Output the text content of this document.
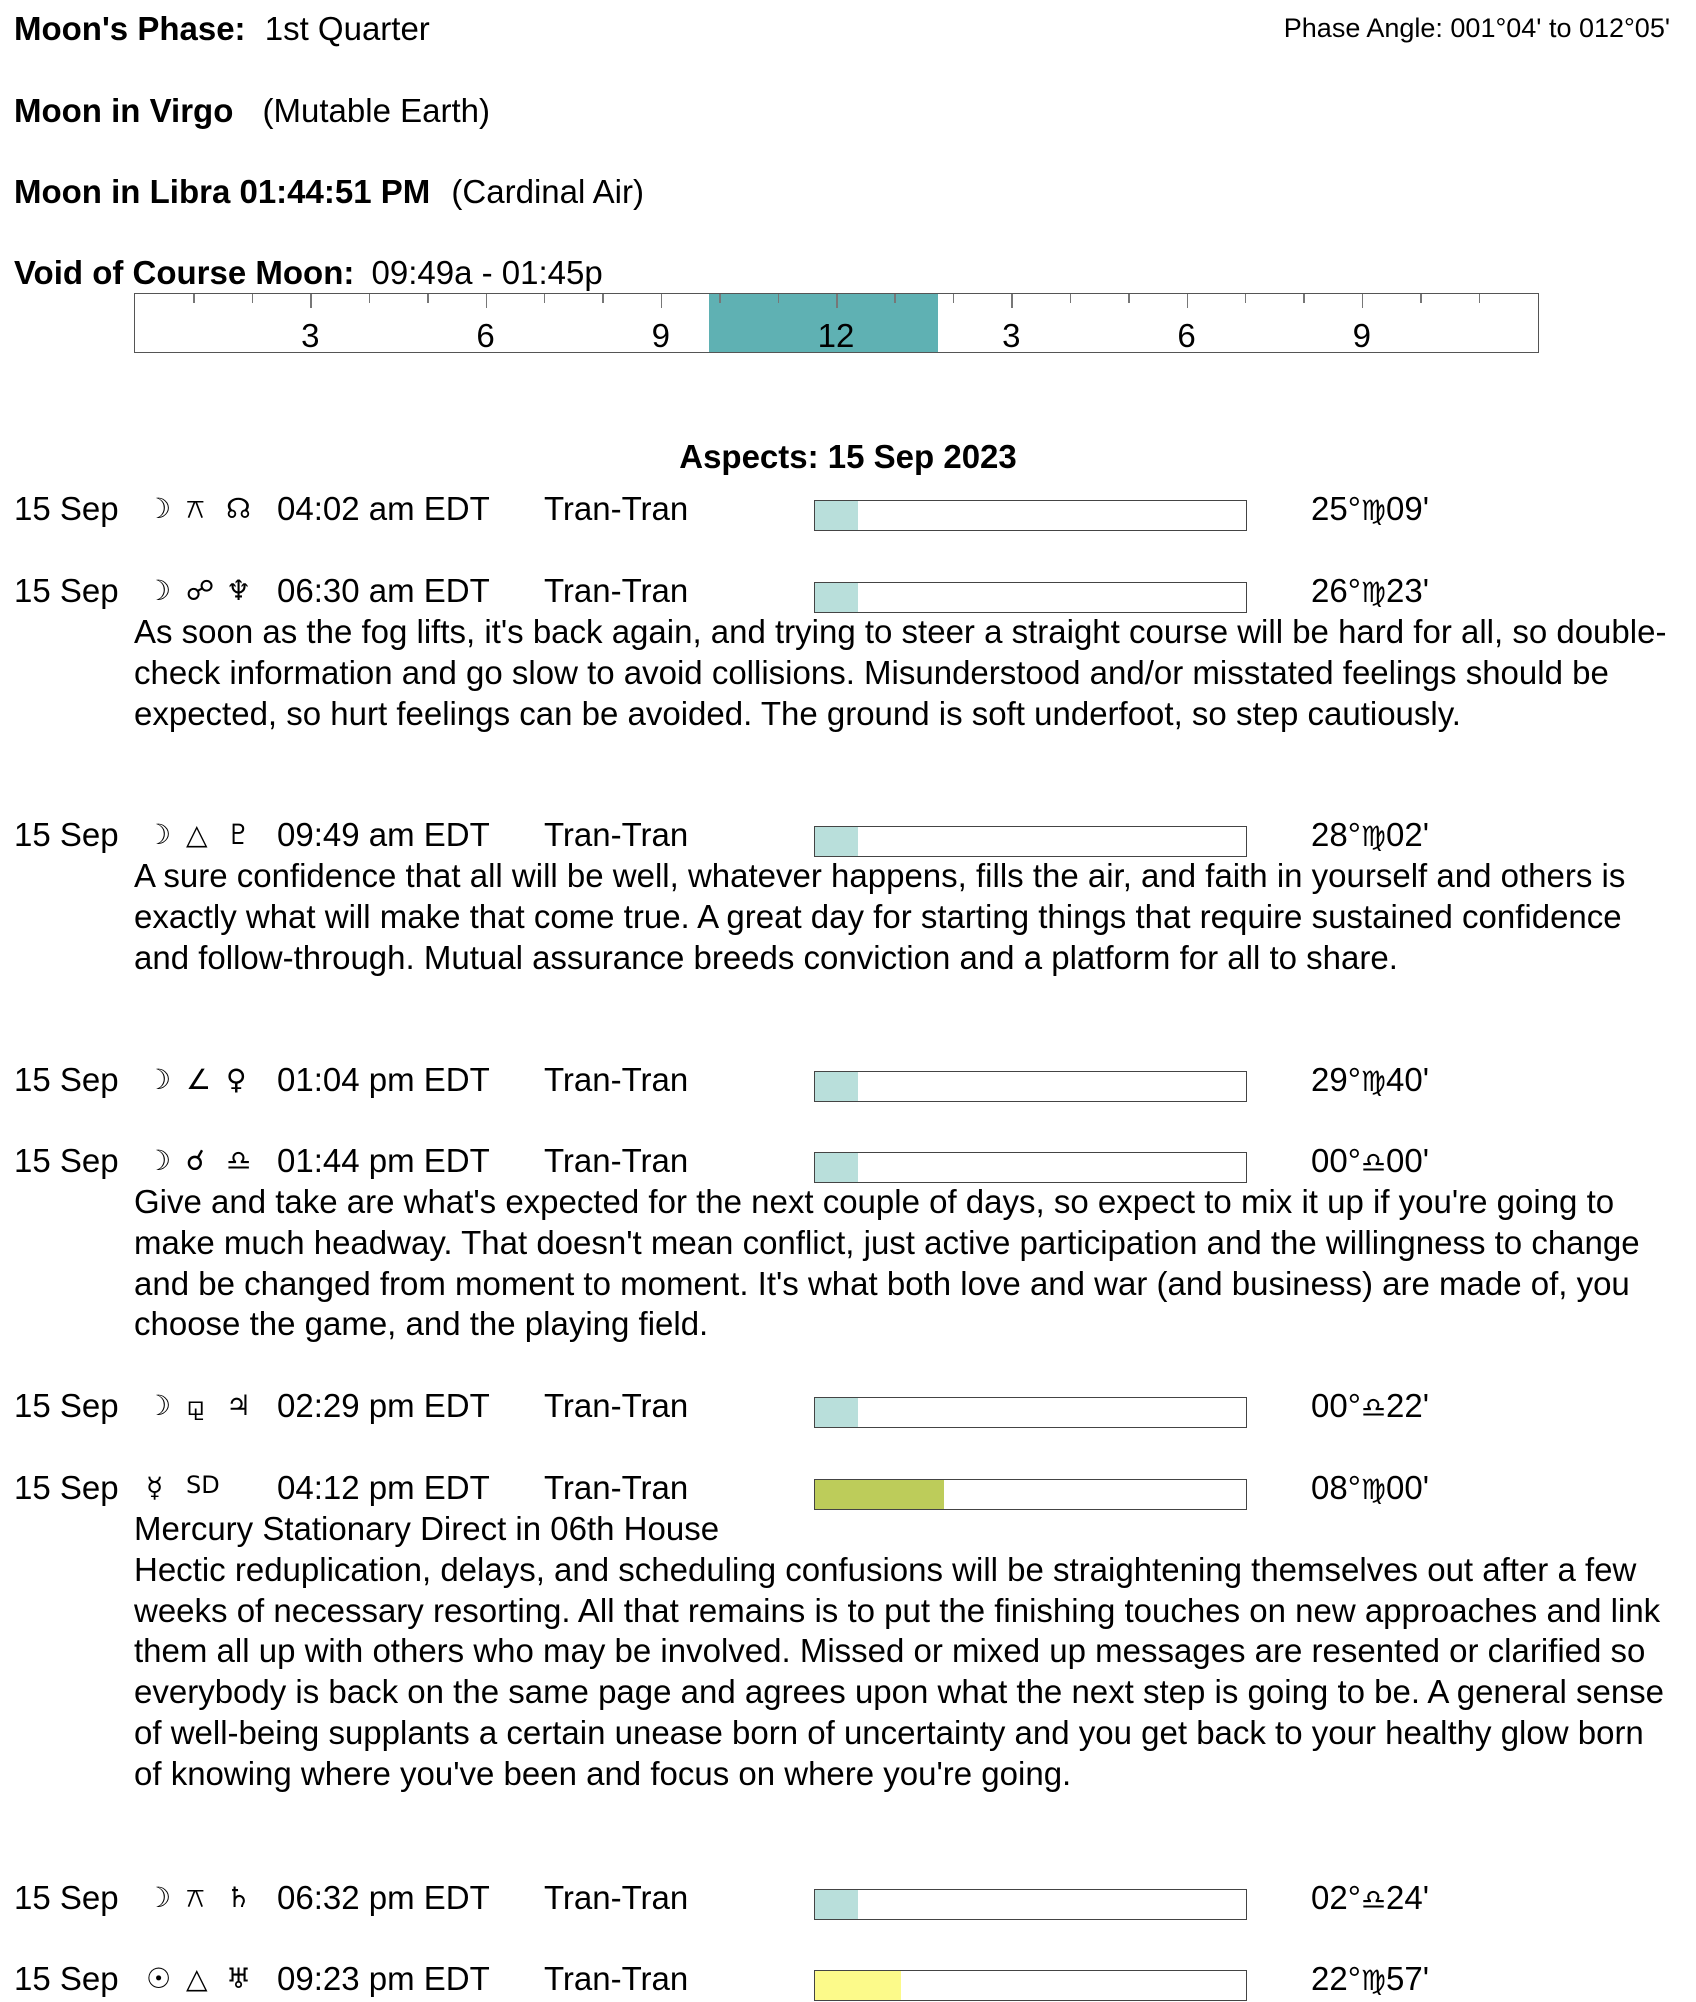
Moon's Phase: 1st Quarter	Phase Angle: 001°04' to 012°05'
Moon in Virgo (Mutable Earth)
Moon in Libra 01:44:51 PM (Cardinal Air)
Void of Course Moon: 09:49a - 01:45p
3	6	9	12	3	6	9
Aspects: 15 Sep 2023
15 Sep ☽ ⚻ ☊ 04:02 am EDT Tran-Tran	25°♍09'
15 Sep ☽ ☍ ♆ 06:30 am EDT Tran-Tran	26°♍23'

As soon as the fog lifts, it's back again, and trying to steer a straight course will be hard for all, so double-check information and go slow to avoid collisions. Misunderstood and/or misstated feelings should be expected, so hurt feelings can be avoided. The ground is soft underfoot, so step cautiously.

15 Sep ☽ △ ♇ 09:49 am EDT Tran-Tran	28°♍02'

A sure confidence that all will be well, whatever happens, fills the air, and faith in yourself and others is exactly what will make that come true. A great day for starting things that require sustained confidence and follow-through. Mutual assurance breeds conviction and a platform for all to share.

15 Sep ☽ ∠ ♀ 01:04 pm EDT Tran-Tran	29°♍40'
15 Sep ☽ ☌ ♎ 01:44 pm EDT Tran-Tran	00°♎00'

Give and take are what's expected for the next couple of days, so expect to mix it up if you're going to make much headway. That doesn't mean conflict, just active participation and the willingness to change and be changed from moment to moment. It's what both love and war (and business) are made of, you choose the game, and the playing field.

15 Sep ☽ ⚼ ♃ 02:29 pm EDT Tran-Tran	00°♎22'
15 Sep ☿ SD 04:12 pm EDT Tran-Tran	08°♍00'

Mercury Stationary Direct in 06th House

Hectic reduplication, delays, and scheduling confusions will be straightening themselves out after a few weeks of necessary resorting. All that remains is to put the finishing touches on new approaches and link them all up with others who may be involved. Missed or mixed up messages are resented or clarified so everybody is back on the same page and agrees upon what the next step is going to be. A general sense of well-being supplants a certain unease born of uncertainty and you get back to your healthy glow born of knowing where you've been and focus on where you're going.

15 Sep ☽ ⚻ ♄ 06:32 pm EDT Tran-Tran	02°♎24'
15 Sep ☉ △ ♅ 09:23 pm EDT Tran-Tran	22°♍57'
